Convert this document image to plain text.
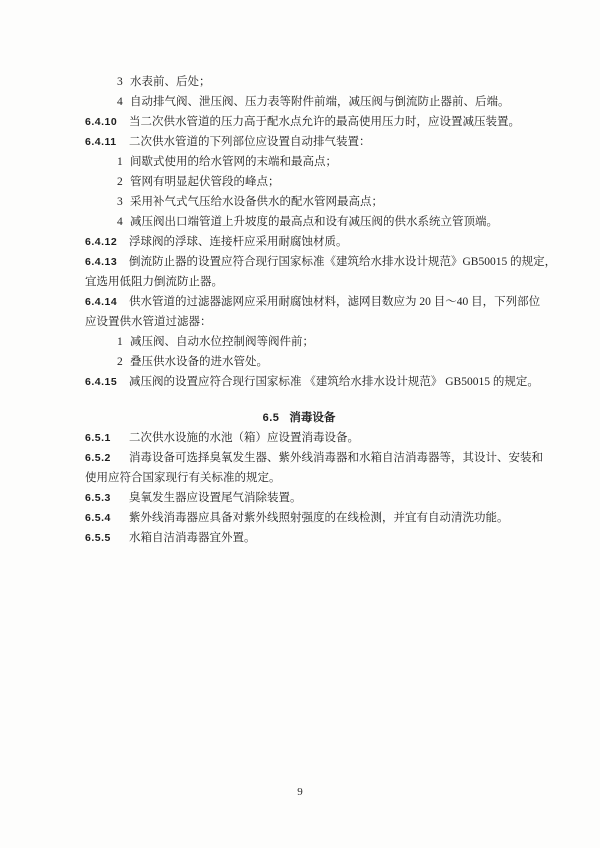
3 水表前、后处；
4 自动排气阀、泄压阀、压力表等附件前端，减压阀与倒流防止器前、后端。
6.4.10 当二次供水管道的压力高于配水点允许的最高使用压力时，应设置减压装置。
6.4.11 二次供水管道的下列部位应设置自动排气装置：
1 间歇式使用的给水管网的末端和最高点；
2 管网有明显起伏管段的峰点；
3 采用补气式气压给水设备供水的配水管网最高点；
4 减压阀出口端管道上升坡度的最高点和设有减压阀的供水系统立管顶端。
6.4.12 浮球阀的浮球、连接杆应采用耐腐蚀材质。
6.4.13 倒流防止器的设置应符合现行国家标准《建筑给水排水设计规范》GB50015 的规定，
宜选用低阻力倒流防止器。
6.4.14 供水管道的过滤器滤网应采用耐腐蚀材料，滤网目数应为 20 目～40 目，下列部位
应设置供水管道过滤器：
1 减压阀、自动水位控制阀等阀件前；
2 叠压供水设备的进水管处。
6.4.15 减压阀的设置应符合现行国家标准 《建筑给水排水设计规范》 GB50015 的规定。
6.5 消毒设备
6.5.1 二次供水设施的水池（箱）应设置消毒设备。
6.5.2 消毒设备可选择臭氧发生器、紫外线消毒器和水箱自洁消毒器等，其设计、安装和
使用应符合国家现行有关标准的规定。
6.5.3 臭氧发生器应设置尾气消除装置。
6.5.4 紫外线消毒器应具备对紫外线照射强度的在线检测，并宜有自动清洗功能。
6.5.5 水箱自洁消毒器宜外置。
9
